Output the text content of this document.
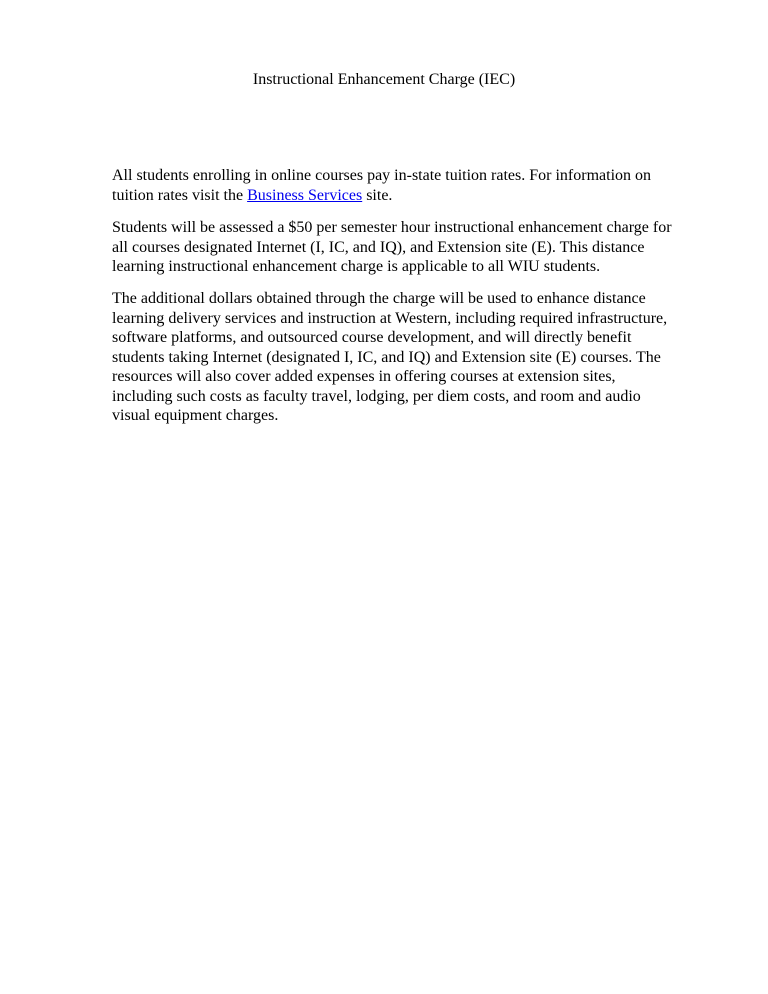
Instructional Enhancement Charge (IEC)

All students enrolling in online courses pay in-state tuition rates. For information on tuition rates visit the Business Services site.

Students will be assessed a $50 per semester hour instructional enhancement charge for all courses designated Internet (I, IC, and IQ), and Extension site (E). This distance learning instructional enhancement charge is applicable to all WIU students.

The additional dollars obtained through the charge will be used to enhance distance learning delivery services and instruction at Western, including required infrastructure, software platforms, and outsourced course development, and will directly benefit students taking Internet (designated I, IC, and IQ) and Extension site (E) courses. The resources will also cover added expenses in offering courses at extension sites, including such costs as faculty travel, lodging, per diem costs, and room and audio visual equipment charges.
